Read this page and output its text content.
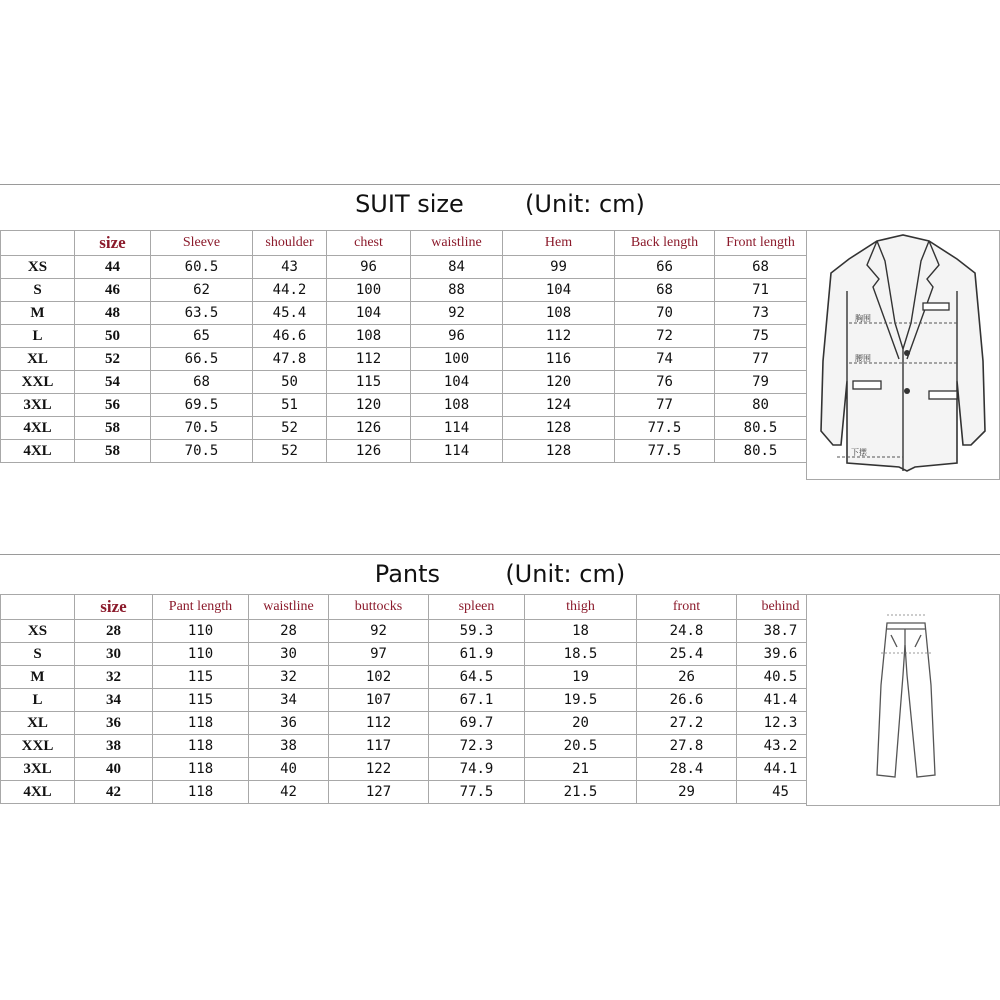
SUIT size	(Unit: cm)
	size	Sleeve	shoulder	chest	waistline	Hem	Back length	Front length
XS	44	60.5	43	96	84	99	66	68
S	46	62	44.2	100	88	104	68	71
M	48	63.5	45.4	104	92	108	70	73
L	50	65	46.6	108	96	112	72	75
XL	52	66.5	47.8	112	100	116	74	77
XXL	54	68	50	115	104	120	76	79
3XL	56	69.5	51	120	108	124	77	80
4XL	58	70.5	52	126	114	128	77.5	80.5
4XL	58	70.5	52	126	114	128	77.5	80.5
胸围
腰围
下摆
Pants	(Unit: cm)
	size	Pant length	waistline	buttocks	spleen	thigh	front	behind
XS	28	110	28	92	59.3	18	24.8	38.7
S	30	110	30	97	61.9	18.5	25.4	39.6
M	32	115	32	102	64.5	19	26	40.5
L	34	115	34	107	67.1	19.5	26.6	41.4
XL	36	118	36	112	69.7	20	27.2	12.3
XXL	38	118	38	117	72.3	20.5	27.8	43.2
3XL	40	118	40	122	74.9	21	28.4	44.1
4XL	42	118	42	127	77.5	21.5	29	45
